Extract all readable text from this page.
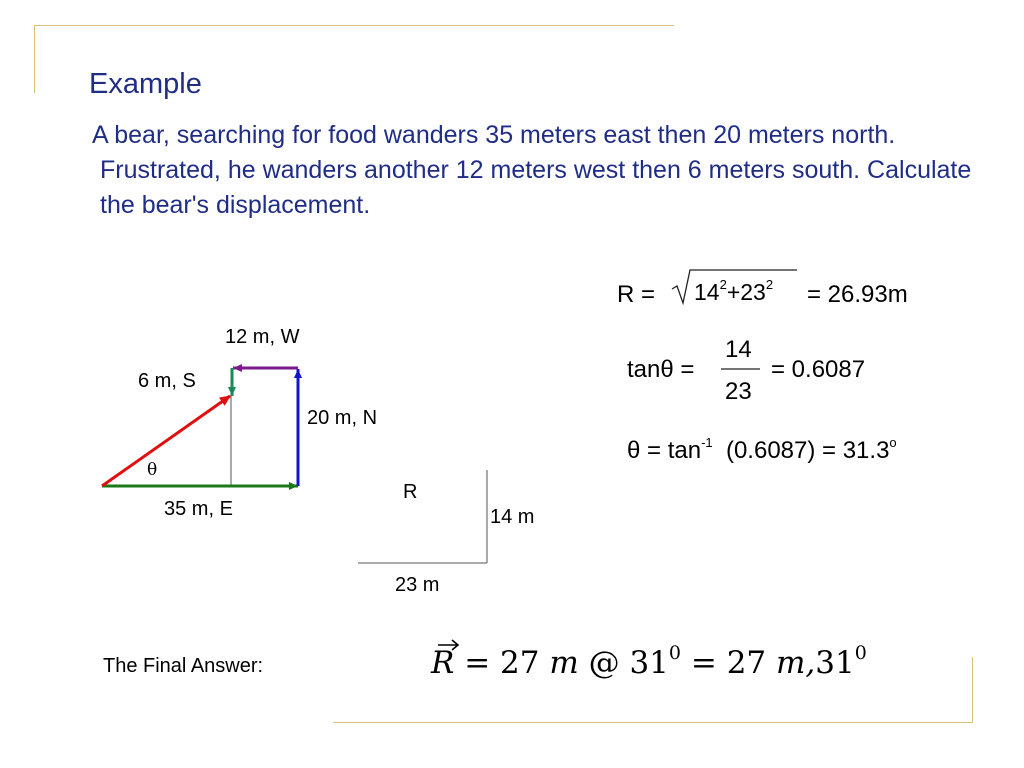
Example
A bear, searching for food wanders 35 meters east then 20 meters north. Frustrated, he wanders another 12 meters west then 6 meters south. Calculate the bear's displacement.
12 m, W
6 m, S
20 m, N
35 m, E
θ
R
14 m
23 m
$R = 14^2+23^2 = 26.93m$
tanθ =
14
23
= 0.6087
$\theta = \tan^{-1} (0.6087) = 31.3^o$
The Final Answer:	R = 27 m @ $31^0 = 27$ $m,31^0$
